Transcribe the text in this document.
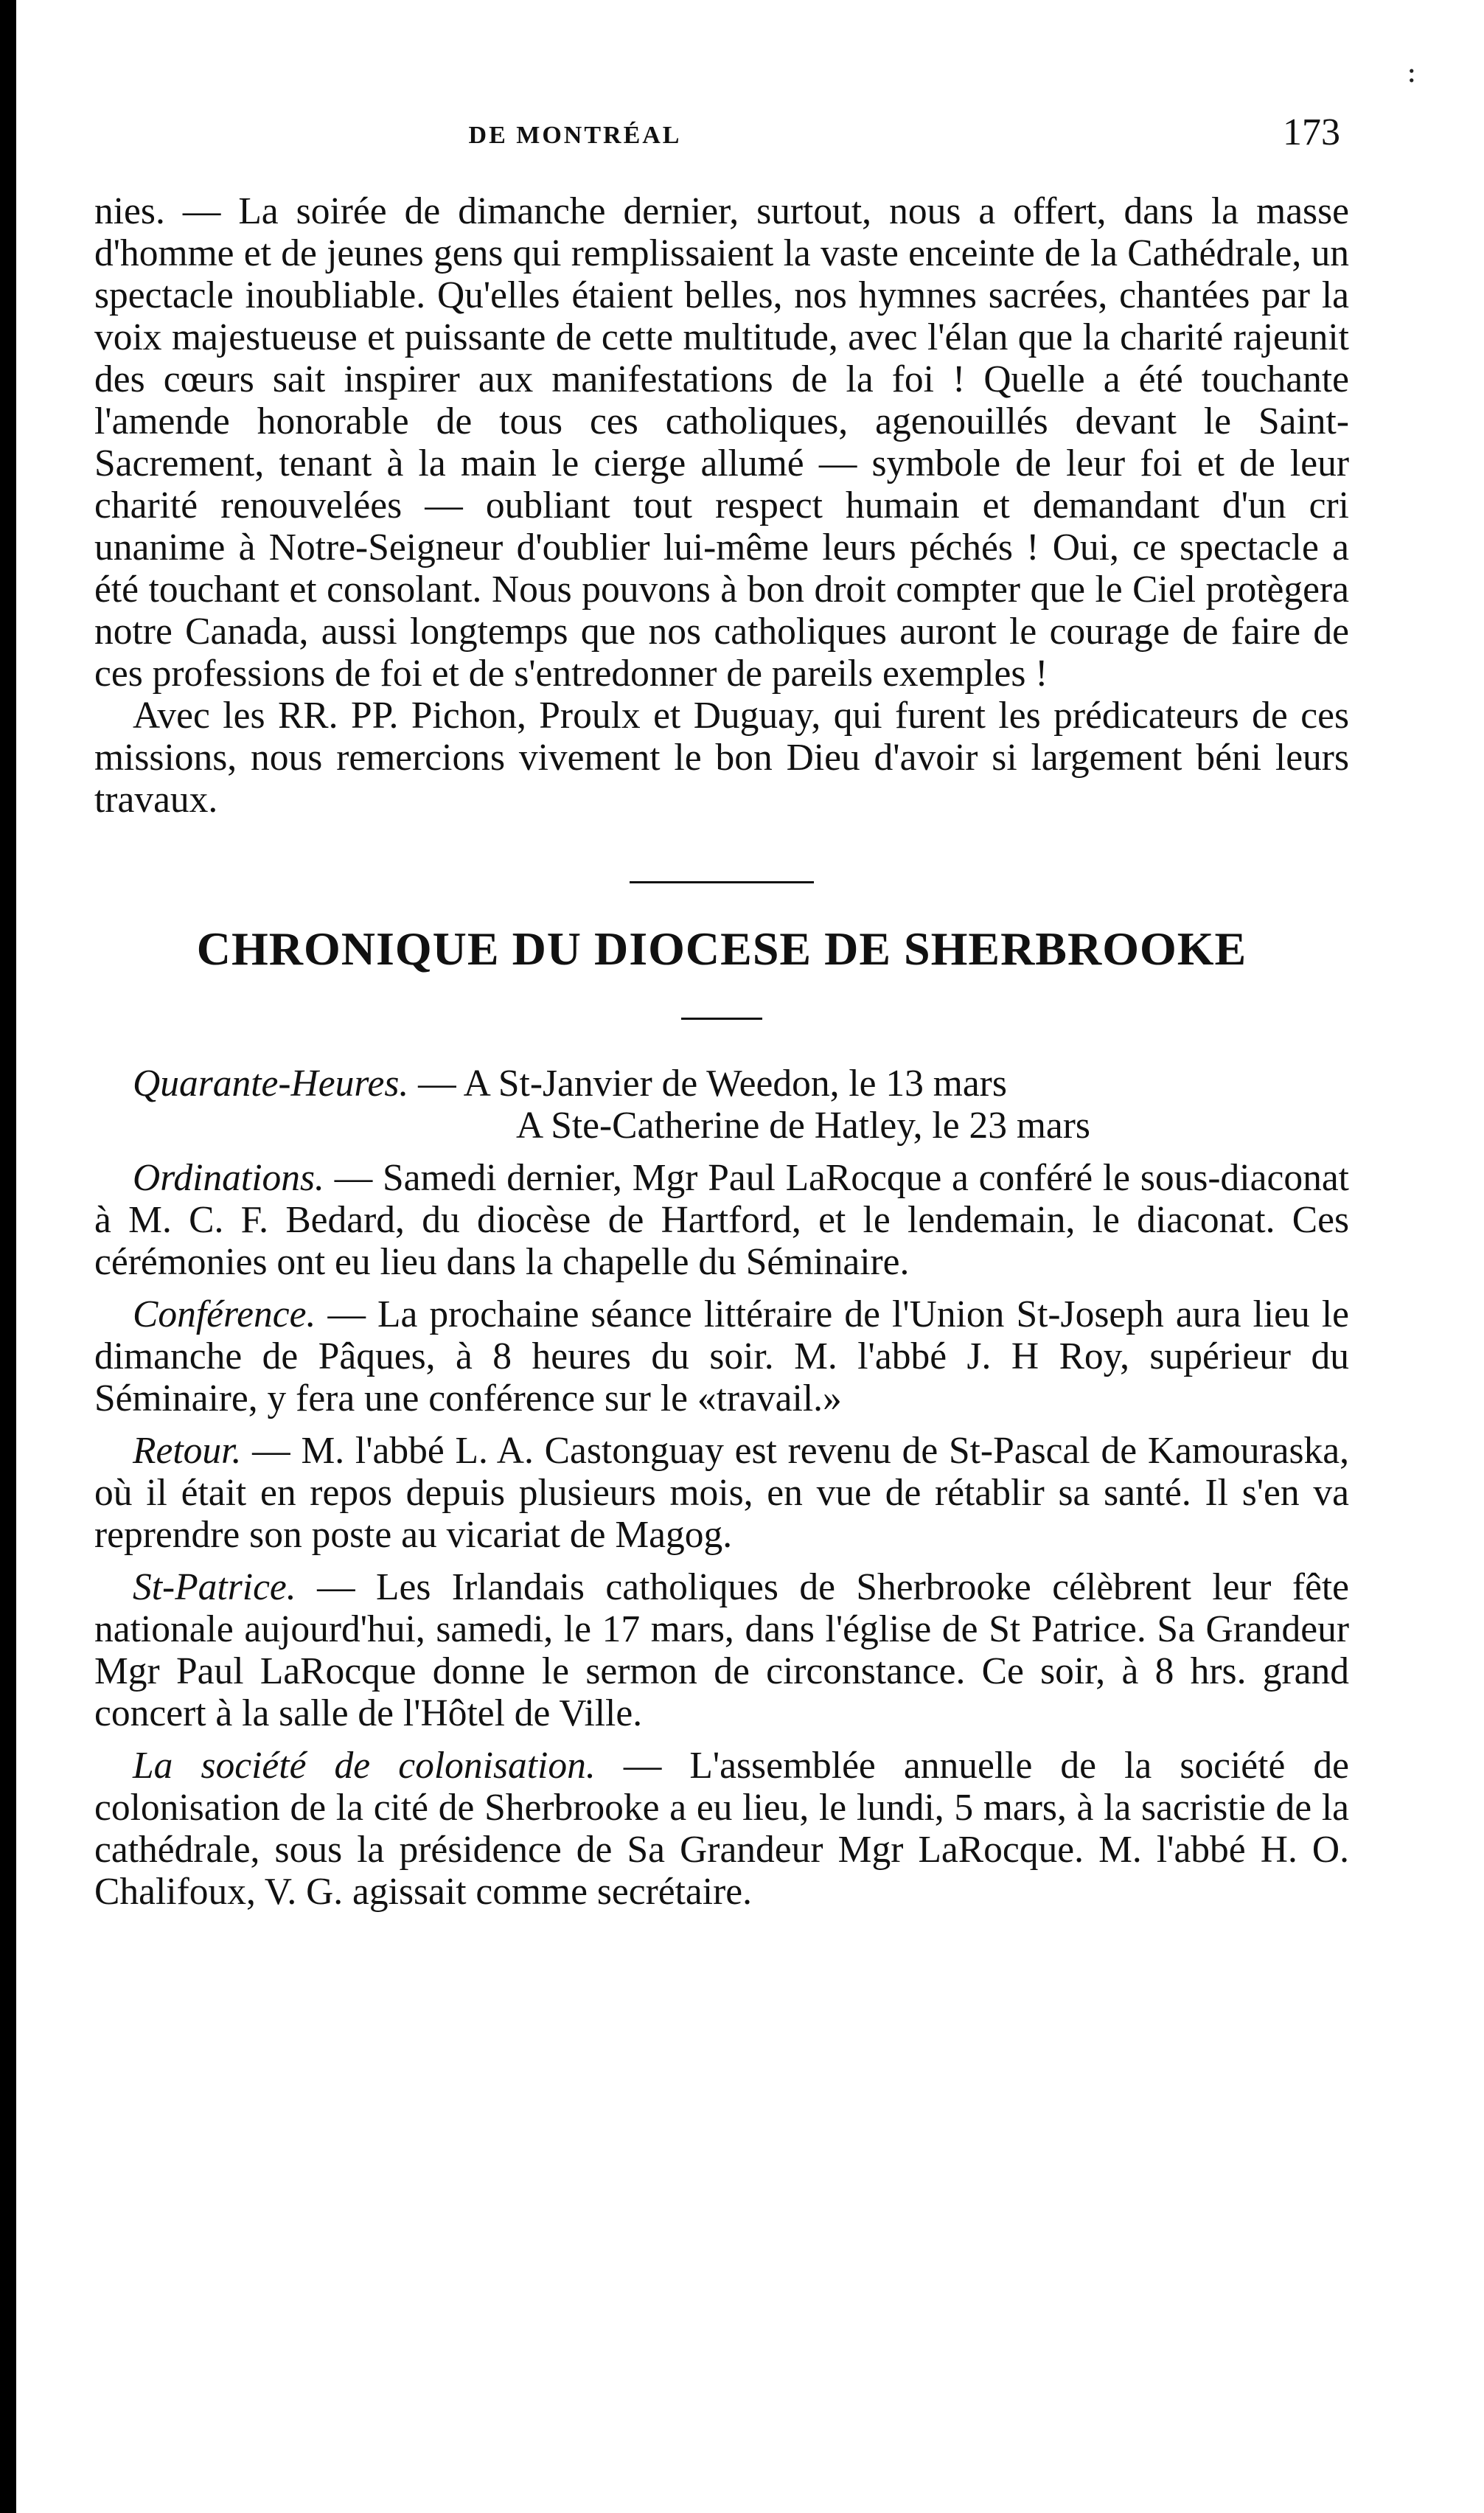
:
DE MONTRÉAL	173

nies. — La soirée de dimanche dernier, surtout, nous a offert, dans la masse d'homme et de jeunes gens qui remplissaient la vaste enceinte de la Cathédrale, un spectacle inoubliable. Qu'elles étaient belles, nos hymnes sacrées, chantées par la voix majestueuse et puissante de cette multitude, avec l'élan que la charité rajeunit des cœurs sait inspirer aux manifestations de la foi ! Quelle a été touchante l'amende honorable de tous ces catholiques, agenouillés devant le Saint-Sacrement, tenant à la main le cierge allumé — symbole de leur foi et de leur charité renouvelées — oubliant tout respect humain et demandant d'un cri unanime à Notre-Seigneur d'oublier lui-même leurs péchés ! Oui, ce spectacle a été touchant et consolant. Nous pouvons à bon droit compter que le Ciel protègera notre Canada, aussi longtemps que nos catholiques auront le courage de faire de ces professions de foi et de s'entredonner de pareils exemples !

Avec les RR. PP. Pichon, Proulx et Duguay, qui furent les prédicateurs de ces missions, nous remercions vivement le bon Dieu d'avoir si largement béni leurs travaux.

CHRONIQUE DU DIOCESE DE SHERBROOKE

Quarante-Heures. — A St-Janvier de Weedon, le 13 mars

A Ste-Catherine de Hatley, le 23 mars

Ordinations. — Samedi dernier, Mgr Paul LaRocque a conféré le sous-diaconat à M. C. F. Bedard, du diocèse de Hartford, et le lendemain, le diaconat. Ces cérémonies ont eu lieu dans la chapelle du Séminaire.

Conférence. — La prochaine séance littéraire de l'Union St-Joseph aura lieu le dimanche de Pâques, à 8 heures du soir. M. l'abbé J. H Roy, supérieur du Séminaire, y fera une conférence sur le «travail.»

Retour. — M. l'abbé L. A. Castonguay est revenu de St-Pascal de Kamouraska, où il était en repos depuis plusieurs mois, en vue de rétablir sa santé. Il s'en va reprendre son poste au vicariat de Magog.

St-Patrice. — Les Irlandais catholiques de Sherbrooke célèbrent leur fête nationale aujourd'hui, samedi, le 17 mars, dans l'église de St Patrice. Sa Grandeur Mgr Paul LaRocque donne le sermon de circonstance. Ce soir, à 8 hrs. grand concert à la salle de l'Hôtel de Ville.

La société de colonisation. — L'assemblée annuelle de la société de colonisation de la cité de Sherbrooke a eu lieu, le lundi, 5 mars, à la sacristie de la cathédrale, sous la présidence de Sa Grandeur Mgr LaRocque. M. l'abbé H. O. Chalifoux, V. G. agissait comme secrétaire.
